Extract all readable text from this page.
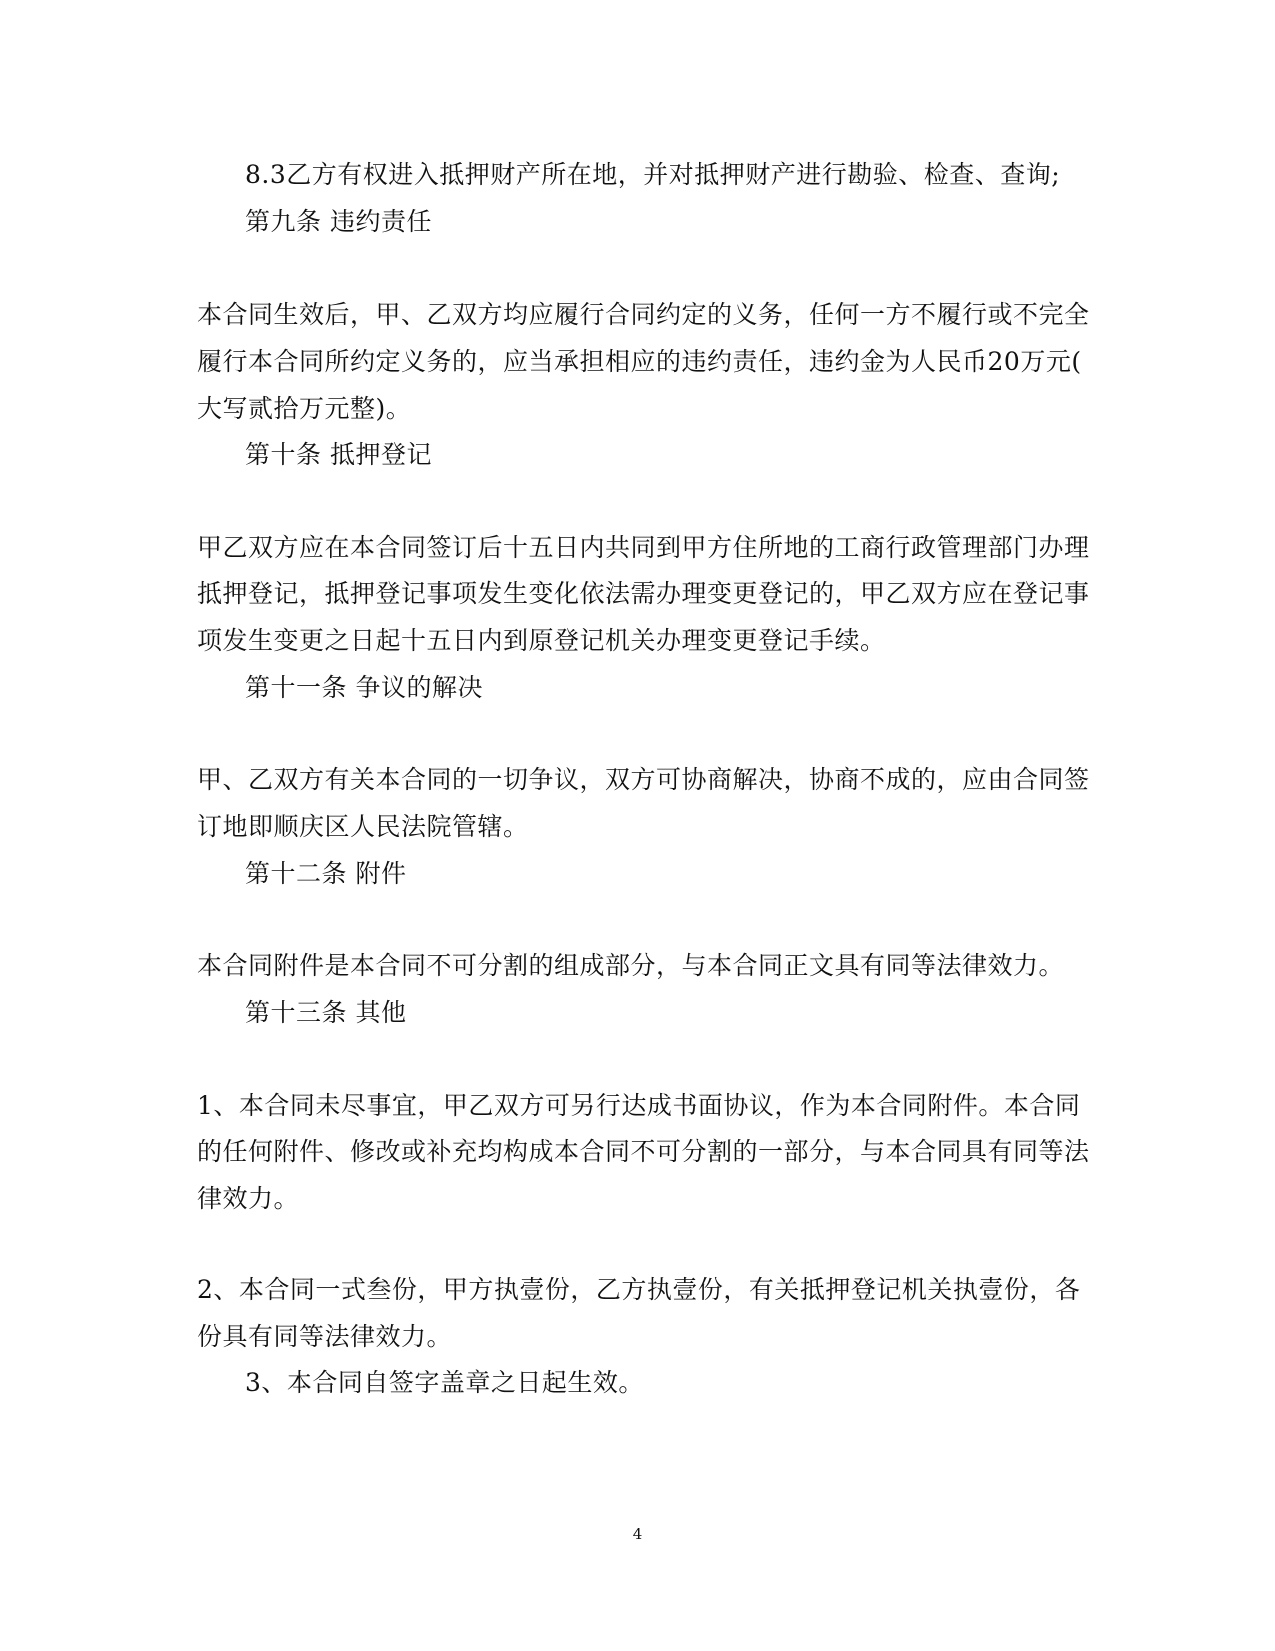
8.3乙方有权进入抵押财产所在地，并对抵押财产进行勘验、检查、查询;
第九条 违约责任
本合同生效后，甲、乙双方均应履行合同约定的义务，任何一方不履行或不完全
履行本合同所约定义务的，应当承担相应的违约责任，违约金为人民币20万元(
大写贰拾万元整)。
第十条 抵押登记
甲乙双方应在本合同签订后十五日内共同到甲方住所地的工商行政管理部门办理
抵押登记，抵押登记事项发生变化依法需办理变更登记的，甲乙双方应在登记事
项发生变更之日起十五日内到原登记机关办理变更登记手续。
第十一条 争议的解决
甲、乙双方有关本合同的一切争议，双方可协商解决，协商不成的，应由合同签
订地即顺庆区人民法院管辖。
第十二条 附件
本合同附件是本合同不可分割的组成部分，与本合同正文具有同等法律效力。
第十三条 其他
1、本合同未尽事宜，甲乙双方可另行达成书面协议，作为本合同附件。本合同
的任何附件、修改或补充均构成本合同不可分割的一部分，与本合同具有同等法
律效力。
2、本合同一式叁份，甲方执壹份，乙方执壹份，有关抵押登记机关执壹份，各
份具有同等法律效力。
3、本合同自签字盖章之日起生效。
4
